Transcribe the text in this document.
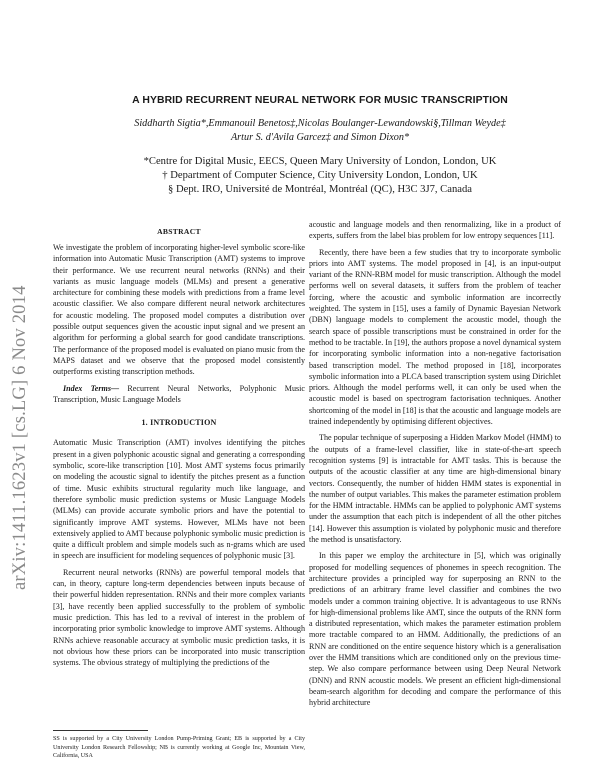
arXiv:1411.1623v1 [cs.LG] 6 Nov 2014
A HYBRID RECURRENT NEURAL NETWORK FOR MUSIC TRANSCRIPTION
Siddharth Sigtia*,Emmanouil Benetos‡,Nicolas Boulanger-Lewandowski§,Tillman Weyde‡
Artur S. d'Avila Garcez‡ and Simon Dixon*
*Centre for Digital Music, EECS, Queen Mary University of London, London, UK
† Department of Computer Science, City University London, London, UK
§ Dept. IRO, Université de Montréal, Montréal (QC), H3C 3J7, Canada
ABSTRACT

We investigate the problem of incorporating higher-level symbolic score-like information into Automatic Music Transcription (AMT) systems to improve their performance. We use recurrent neural networks (RNNs) and their variants as music language models (MLMs) and present a generative architecture for combining these models with predictions from a frame level acoustic classifier. We also compare different neural network architectures for acoustic modeling. The proposed model computes a distribution over possible output sequences given the acoustic input signal and we present an algorithm for performing a global search for good candidate transcriptions. The performance of the proposed model is evaluated on piano music from the MAPS dataset and we observe that the proposed model consistently outperforms existing transcription methods.

Index Terms— Recurrent Neural Networks, Polyphonic Music Transcription, Music Language Models

1. INTRODUCTION

Automatic Music Transcription (AMT) involves identifying the pitches present in a given polyphonic acoustic signal and generating a corresponding symbolic, score-like transcription [10]. Most AMT systems focus primarily on modeling the acoustic signal to identify the pitches present as a function of time. Music exhibits structural regularity much like language, and therefore symbolic music prediction systems or Music Language Models (MLMs) can provide accurate symbolic priors and have the potential to significantly improve AMT systems. However, MLMs have not been extensively applied to AMT because polyphonic symbolic music prediction is quite a difficult problem and simple models such as n-grams which are used in speech are insufficient for modeling sequences of polyphonic music [3].

Recurrent neural networks (RNNs) are powerful temporal models that can, in theory, capture long-term dependencies between inputs because of their powerful hidden representation. RNNs and their more complex variants [3], have recently been applied successfully to the problem of symbolic music prediction. This has led to a revival of interest in the problem of incorporating prior symbolic knowledge to improve AMT systems. Although RNNs achieve reasonable accuracy at symbolic music prediction tasks, it is not obvious how these priors can be incorporated into music transcription systems. The obvious strategy of multiplying the predictions of the

acoustic and language models and then renormalizing, like in a product of experts, suffers from the label bias problem for low entropy sequences [11].

Recently, there have been a few studies that try to incorporate symbolic priors into AMT systems. The model proposed in [4], is an input-output variant of the RNN-RBM model for music transcription. Although the model performs well on several datasets, it suffers from the problem of teacher forcing, where the acoustic and symbolic information are incorrectly weighted. The system in [15], uses a family of Dynamic Bayesian Network (DBN) language models to complement the acoustic model, though the search space of possible transcriptions must be constrained in order for the method to be tractable. In [19], the authors propose a novel dynamical system for incorporating symbolic information into a non-negative factorisation based transcription model. The method proposed in [18], incorporates symbolic information into a PLCA based transcription system using Dirichlet priors. Although the model performs well, it can only be used when the acoustic model is based on spectrogram factorisation techniques. Another shortcoming of the model in [18] is that the acoustic and language models are trained independently by optimising different objectives.

The popular technique of superposing a Hidden Markov Model (HMM) to the outputs of a frame-level classifier, like in state-of-the-art speech recognition systems [9] is intractable for AMT tasks. This is because the outputs of the acoustic classifier at any time are high-dimensional binary vectors. Consequently, the number of hidden HMM states is exponential in the number of output variables. This makes the parameter estimation problem for the HMM intractable. HMMs can be applied to polyphonic AMT systems under the assumption that each pitch is independent of all the other pitches [14]. However this assumption is violated by polyphonic music and therefore the method is unsatisfactory.

In this paper we employ the architecture in [5], which was originally proposed for modelling sequences of phonemes in speech recognition. The architecture provides a principled way for superposing an RNN to the predictions of an arbitrary frame level classifier and combines the two models under a common training objective. It is advantageous to use RNNs for high-dimensional problems like AMT, since the outputs of the RNN form a distributed representation, which makes the parameter estimation problem more tractable compared to an HMM. Additionally, the predictions of an RNN are conditioned on the entire sequence history which is a generalisation over the HMM transitions which are conditioned only on the previous time-step. We also compare performance between using Deep Neural Network (DNN) and RNN acoustic models. We present an efficient high-dimensional beam-search algorithm for decoding and compare the performance of this hybrid architecture

SS is supported by a City University London Pump-Priming Grant; EB is supported by a City University London Research Fellowship; NB is currently working at Google Inc, Mountain View, California, USA
